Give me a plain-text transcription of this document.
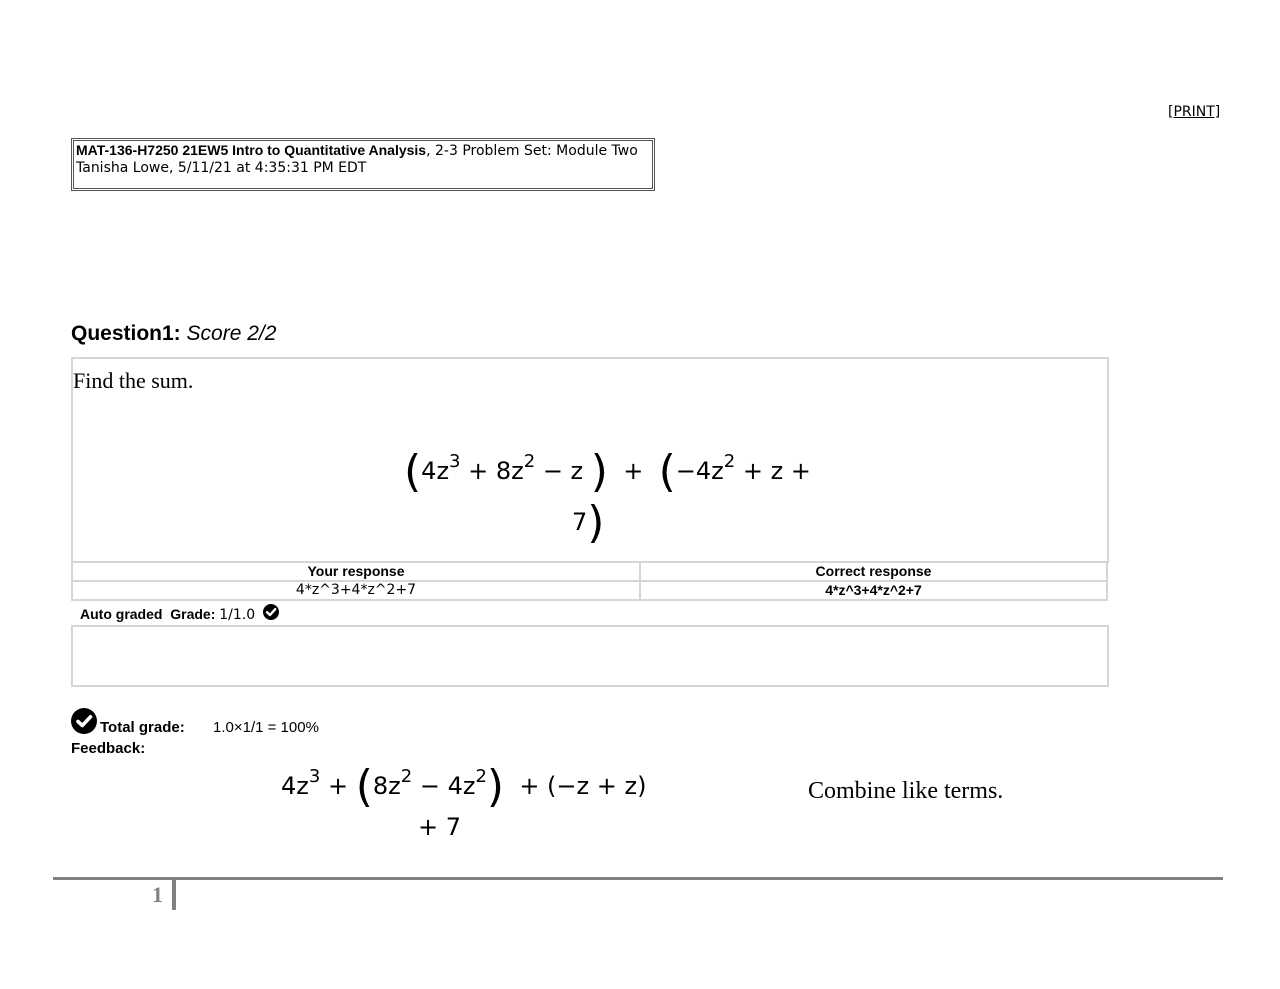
[PRINT]
MAT-136-H7250 21EW5 Intro to Quantitative Analysis, 2-3 Problem Set: Module Two Tanisha Lowe, 5/11/21 at 4:35:31 PM EDT
Question1: Score 2/2
Find the sum.
($4z^3 + 8z^2 - z$ )  +  ($-4z^2 + z$ +
7)
Your response	Correct response
4*z^3+4*z^2+7	4*z^3+4*z^2+7
Auto graded Grade: 1/1.0
Total grade: 1.0×1/1 = 100%
Feedback:
$4z^3 + (8z^2 - 4z^2) + (-z + z)$
+ 7
Combine like terms.
1
